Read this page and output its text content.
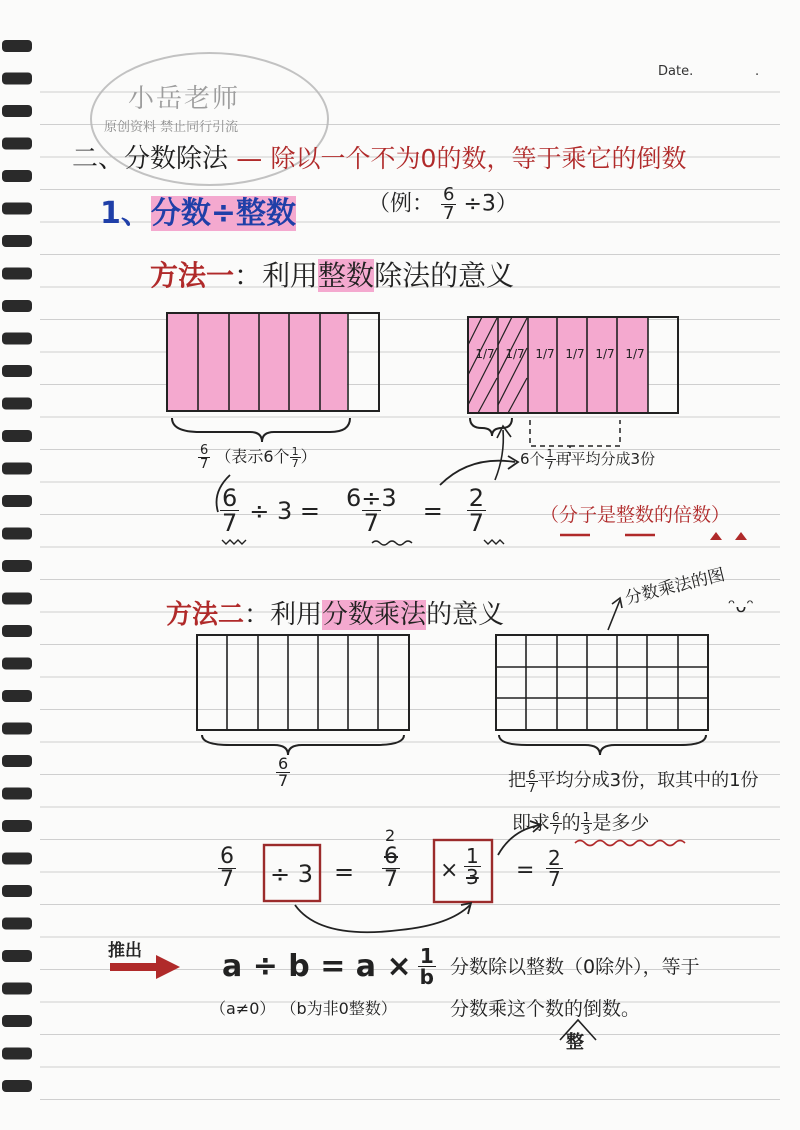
小岳老师
原创资料 禁止同行引流
Date.	.
二、分数除法 — 除以一个不为0的数，等于乘它的倒数
1、分数÷整数	（例： $\frac{6}{7} \div 3$）
方法一：利用整数除法的意义
1/7 1/7 1/7 1/7 1/7 1/7
$\frac{6}{7}$ （表示6个 $\frac{1}{7}$ ）	6个 $\frac{1}{7}$ 再平均分成3份
$\frac{6}{7} \div 3 = \frac{6\div 3}{7} = \frac{2}{7}$	（分子是整数的倍数）
方法二：利用分数乘法的意义
分数乘法的图 ᵔᴗᵔ
$\frac{6}{7}$	把 $\frac{6}{7}$ 平均分成3份，取其中的1份
即求 $\frac{6}{7}$ 的 $\frac{1}{3}$ 是多少
$\frac{6}{7} \div 3$ =
2
$\frac{6}{7} \times \frac{1}{3} = \frac{2}{7}$
推出	$a \div b = a \times \frac{1}{b}$
（a≠0） （b为非0整数）
分数除以整数（0除外），等于
分数乘这个数的倒数。
整
